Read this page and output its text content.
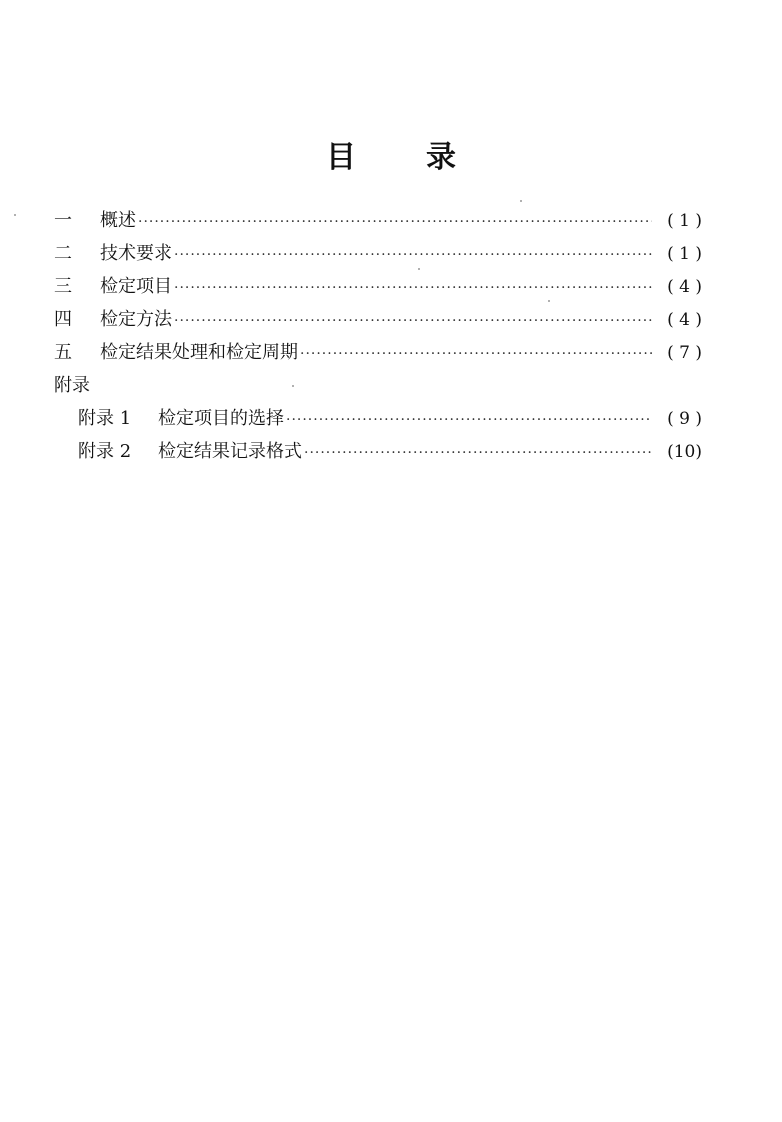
目 录
一	概述 ·····	( 1 )
二	技术要求 ·····	( 1 )
三	检定项目 ·····	( 4 )
四	检定方法 ·····	( 4 )
五	检定结果处理和检定周期 ·····	( 7 )
附录
附录 1	检定项目的选择 ·····	( 9 )
附录 2	检定结果记录格式 ·····	(10)
